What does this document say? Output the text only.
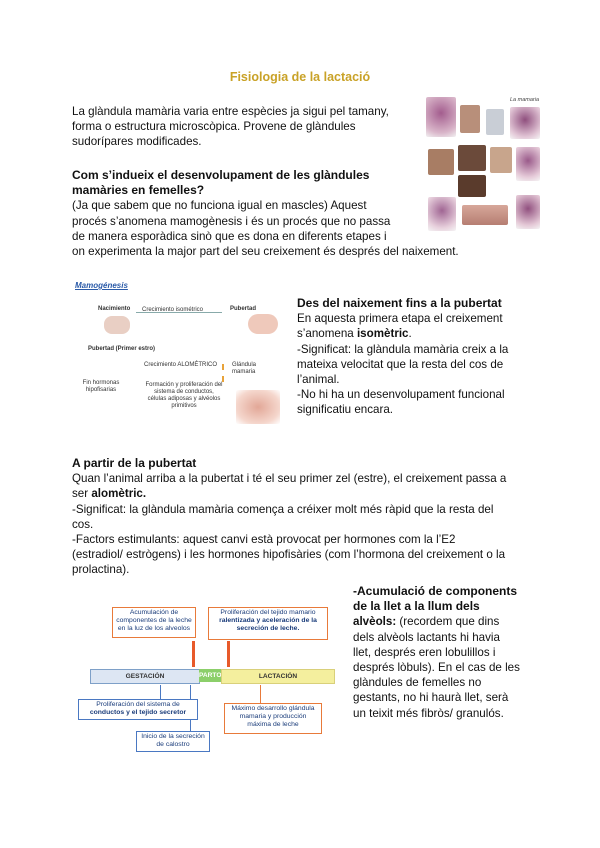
Fisiologia de la lactació
La glàndula mamària varia entre espècies ja sigui pel tamany,
forma o estructura microscòpica. Provene de glàndules
sudorípares modificades.
Com s’indueix el desenvolupament de les glàndules
mamàries en femelles?
(Ja que sabem que no funciona igual en mascles) Aquest
procés s’anomena mamogènesis i és un procés que no passa
de manera esporàdica sinò que es dona en diferents etapes i
on experimenta la major part del seu creixement és després del naixement.
La mamaria
Mamogénesis
Nacimiento Crecimiento isométrico	Pubertad
Pubertad (Primer estro)
Crecimiento ALOMÉTRICO Glándula mamaria
Formación y proliferación del sistema de conductos, células adiposas y alvéolos primitivos
Fin hormonas hipofisarias
Des del naixement fins a la pubertat
En aquesta primera etapa el creixement
s’anomena isomètric.
-Significat: la glàndula mamària creix a la
mateixa velocitat que la resta del cos de
l’animal.
-No hi ha un desenvolupament funcional
significatiu encara.
A partir de la pubertat
Quan l’animal arriba a la pubertat i té el seu primer zel (estre), el creixement passa a
ser alomètric.
-Significat: la glàndula mamària comença a créixer molt més ràpid que la resta del
cos.
-Factors estimulants: aquest canvi està provocat per hormones com la l’E2
(estradiol/ estrògens) i les hormones hipofisàries (com l’hormona del creixement o la
prolactina).
-Acumulació de components
de la llet a la llum dels
alvèols: (recordem que dins
dels alvèols lactants hi havia
llet, després eren lobulillos i
després lòbuls). En el cas de les
glàndules de femelles no
gestants, no hi haurà llet, serà
un teixit més fibròs/ granulós.
Acumulación de
componentes de la leche
en la luz de los alveolos
Proliferación del tejido mamario
ralentizada y aceleración de la
secreción de leche.
GESTACIÓN	PARTO	LACTACIÓN
Proliferación del sistema de
conductos y el tejido secretor
Inicio de la secreción
de calostro
Máximo desarrollo glándula
mamaria y producción
máxima de leche
